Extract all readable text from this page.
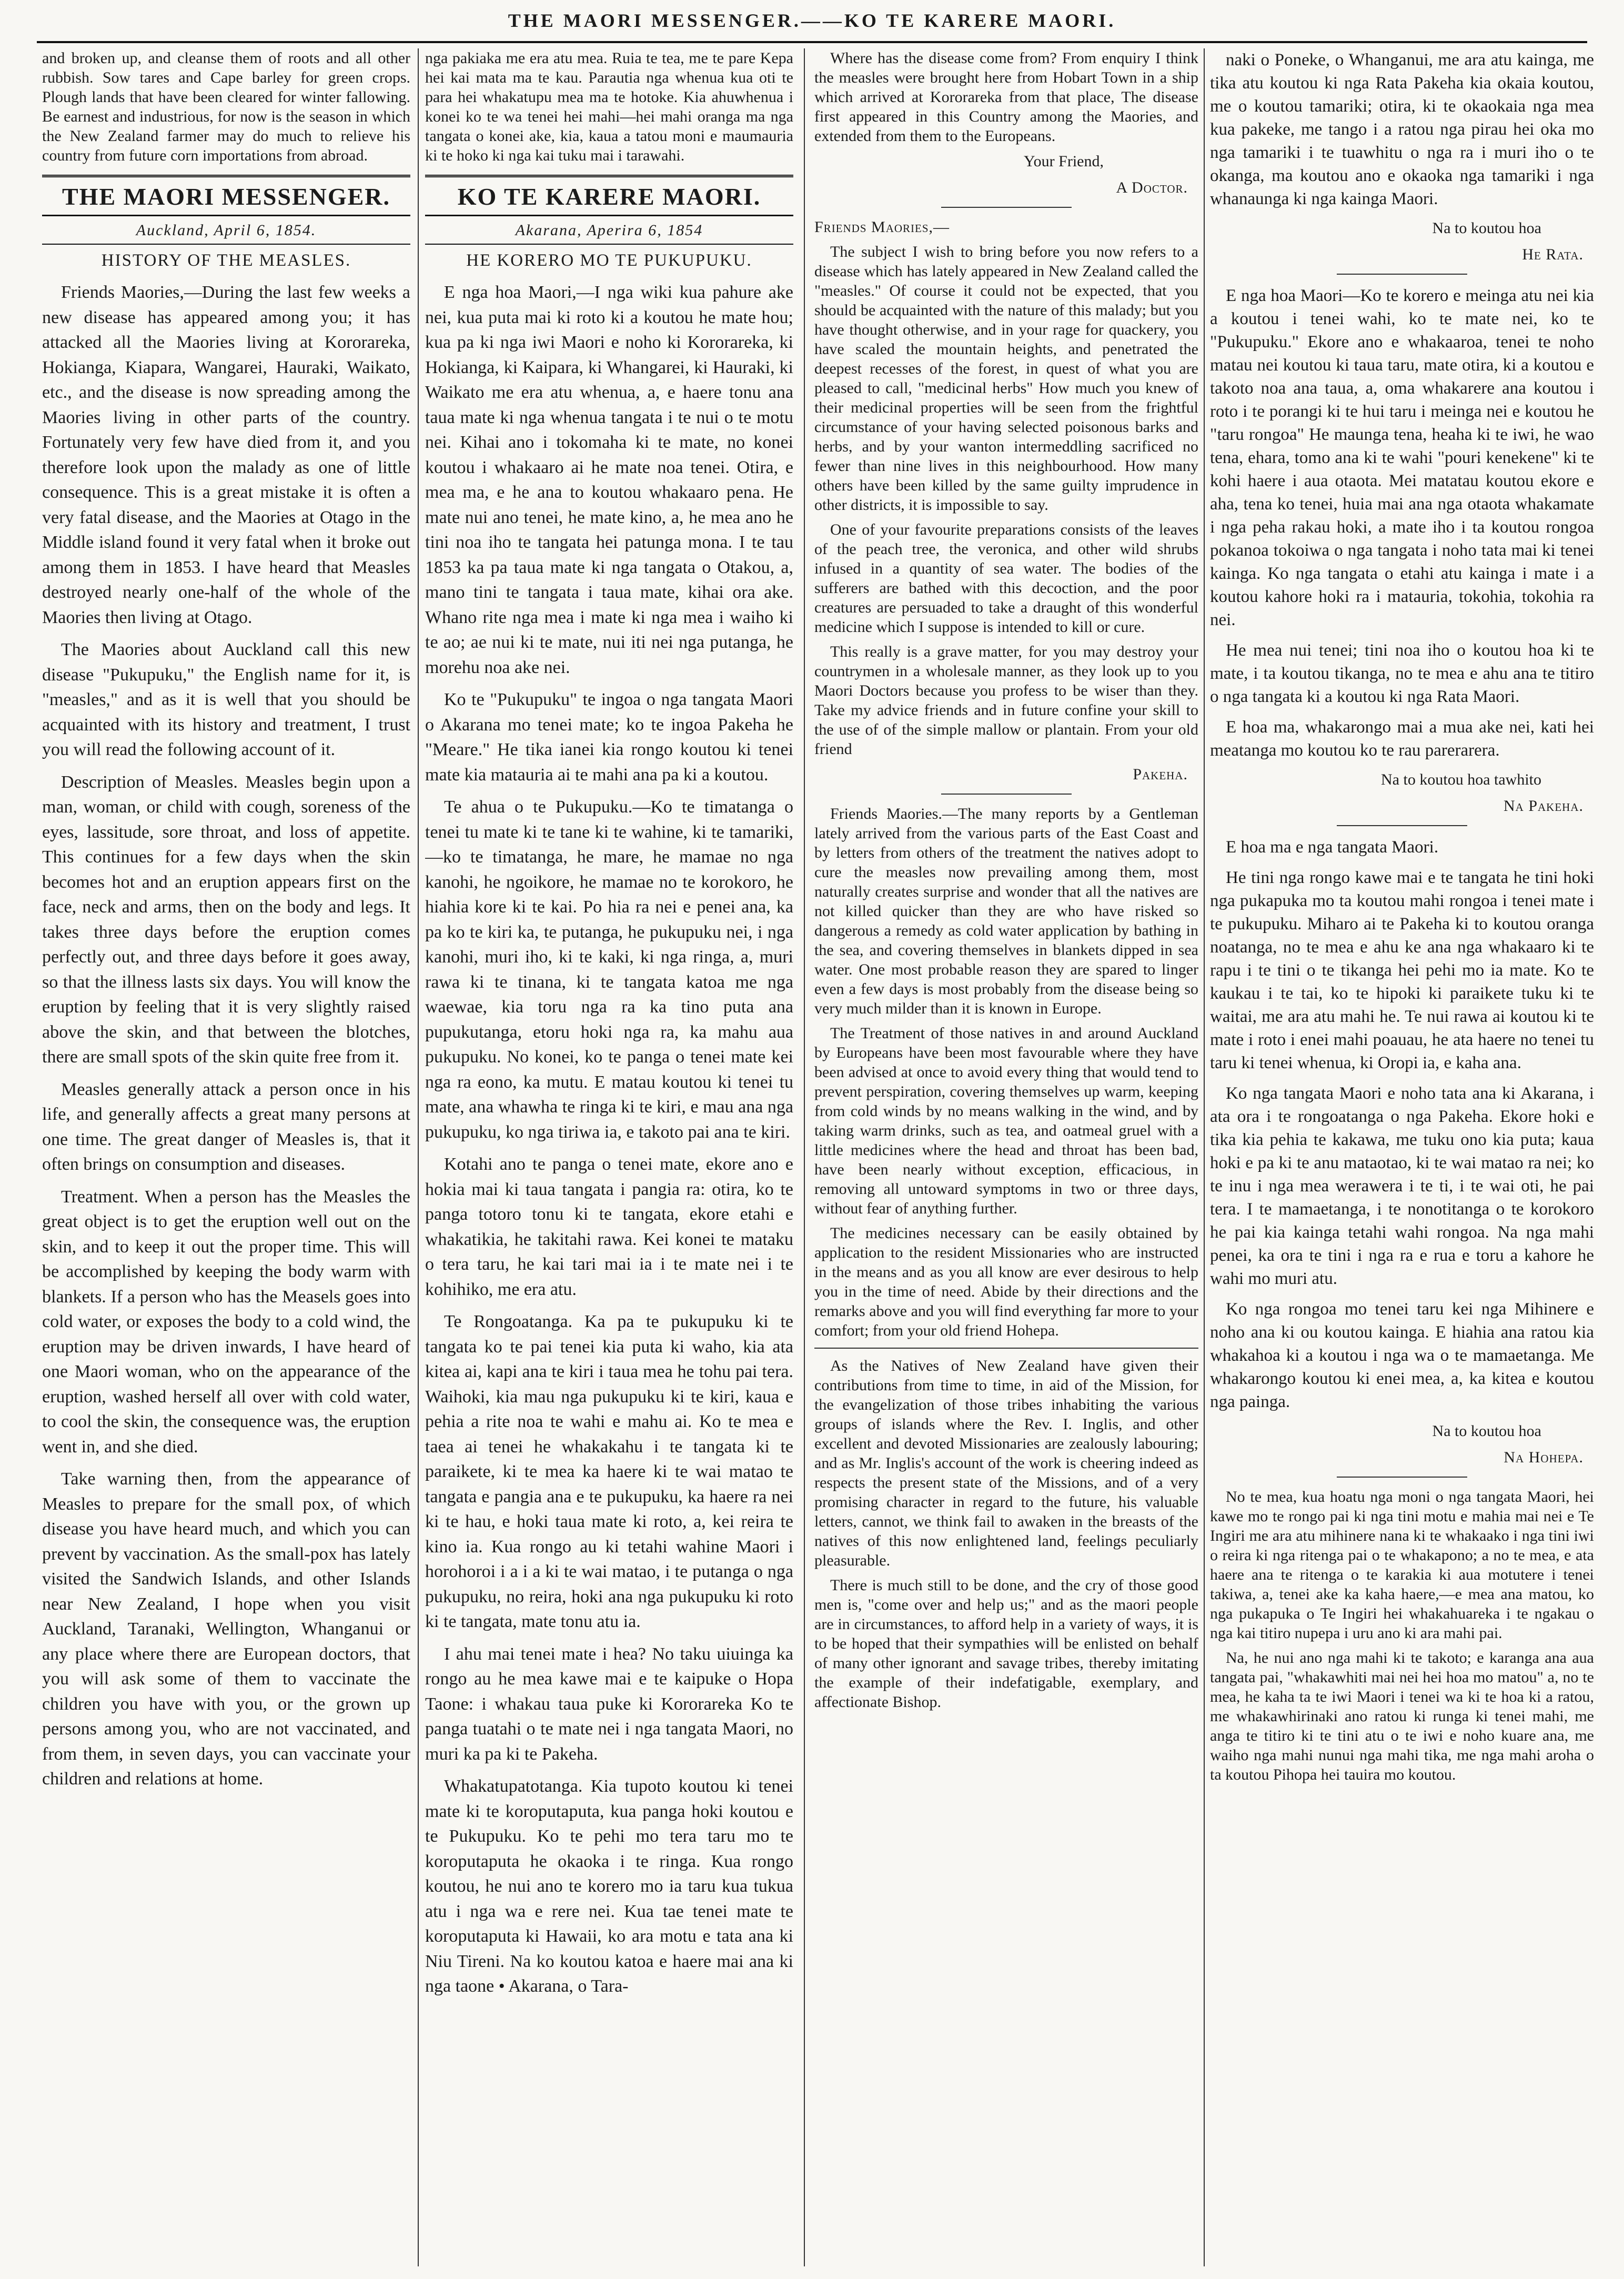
THE MAORI MESSENGER.——KO TE KARERE MAORI.

and broken up, and cleanse them of roots and all other rubbish. Sow tares and Cape barley for green crops. Plough lands that have been cleared for winter fallowing. Be earnest and industrious, for now is the season in which the New Zealand farmer may do much to relieve his country from future corn importations from abroad.

THE MAORI MESSENGER.
Auckland, April 6, 1854.
HISTORY OF THE MEASLES.

Friends Maories,—During the last few weeks a new disease has appeared among you; it has attacked all the Maories living at Kororareka, Hokianga, Kiapara, Wangarei, Hauraki, Waikato, etc., and the disease is now spreading among the Maories living in other parts of the country. Fortunately very few have died from it, and you therefore look upon the malady as one of little consequence. This is a great mistake it is often a very fatal disease, and the Maories at Otago in the Middle island found it very fatal when it broke out among them in 1853. I have heard that Measles destroyed nearly one-half of the whole of the Maories then living at Otago.

The Maories about Auckland call this new disease "Pukupuku," the English name for it, is "measles," and as it is well that you should be acquainted with its history and treatment, I trust you will read the following account of it.

Description of Measles. Measles begin upon a man, woman, or child with cough, soreness of the eyes, lassitude, sore throat, and loss of appetite. This continues for a few days when the skin becomes hot and an eruption appears first on the face, neck and arms, then on the body and legs. It takes three days before the eruption comes perfectly out, and three days before it goes away, so that the illness lasts six days. You will know the eruption by feeling that it is very slightly raised above the skin, and that between the blotches, there are small spots of the skin quite free from it.

Measles generally attack a person once in his life, and generally affects a great many persons at one time. The great danger of Measles is, that it often brings on consumption and diseases.

Treatment. When a person has the Measles the great object is to get the eruption well out on the skin, and to keep it out the proper time. This will be accomplished by keeping the body warm with blankets. If a person who has the Measels goes into cold water, or exposes the body to a cold wind, the eruption may be driven inwards, I have heard of one Maori woman, who on the appearance of the eruption, washed herself all over with cold water, to cool the skin, the consequence was, the eruption went in, and she died.

Take warning then, from the appearance of Measles to prepare for the small pox, of which disease you have heard much, and which you can prevent by vaccination. As the small-pox has lately visited the Sandwich Islands, and other Islands near New Zealand, I hope when you visit Auckland, Taranaki, Wellington, Whanganui or any place where there are European doctors, that you will ask some of them to vaccinate the children you have with you, or the grown up persons among you, who are not vaccinated, and from them, in seven days, you can vaccinate your children and relations at home.

nga pakiaka me era atu mea. Ruia te tea, me te pare Kepa hei kai mata ma te kau. Parautia nga whenua kua oti te para hei whakatupu mea ma te hotoke. Kia ahuwhenua i konei ko te wa tenei hei mahi—hei mahi oranga ma nga tangata o konei ake, kia, kaua a tatou moni e maumauria ki te hoko ki nga kai tuku mai i tarawahi.

KO TE KARERE MAORI.
Akarana, Aperira 6, 1854
HE KORERO MO TE PUKUPUKU.

E nga hoa Maori,—I nga wiki kua pahure ake nei, kua puta mai ki roto ki a koutou he mate hou; kua pa ki nga iwi Maori e noho ki Kororareka, ki Hokianga, ki Kaipara, ki Whangarei, ki Hauraki, ki Waikato me era atu whenua, a, e haere tonu ana taua mate ki nga whenua tangata i te nui o te motu nei. Kihai ano i tokomaha ki te mate, no konei koutou i whakaaro ai he mate noa tenei. Otira, e mea ma, e he ana to koutou whakaaro pena. He mate nui ano tenei, he mate kino, a, he mea ano he tini noa iho te tangata hei patunga mona. I te tau 1853 ka pa taua mate ki nga tangata o Otakou, a, mano tini te tangata i taua mate, kihai ora ake. Whano rite nga mea i mate ki nga mea i waiho ki te ao; ae nui ki te mate, nui iti nei nga putanga, he morehu noa ake nei.

Ko te "Pukupuku" te ingoa o nga tangata Maori o Akarana mo tenei mate; ko te ingoa Pakeha he "Meare." He tika ianei kia rongo koutou ki tenei mate kia matauria ai te mahi ana pa ki a koutou.

Te ahua o te Pukupuku.—Ko te timatanga o tenei tu mate ki te tane ki te wahine, ki te tamariki,—ko te timatanga, he mare, he mamae no nga kanohi, he ngoikore, he mamae no te korokoro, he hiahia kore ki te kai. Po hia ra nei e penei ana, ka pa ko te kiri ka, te putanga, he pukupuku nei, i nga kanohi, muri iho, ki te kaki, ki nga ringa, a, muri rawa ki te tinana, ki te tangata katoa me nga waewae, kia toru nga ra ka tino puta ana pupukutanga, etoru hoki nga ra, ka mahu aua pukupuku. No konei, ko te panga o tenei mate kei nga ra eono, ka mutu. E matau koutou ki tenei tu mate, ana whawha te ringa ki te kiri, e mau ana nga pukupuku, ko nga tiriwa ia, e takoto pai ana te kiri.

Kotahi ano te panga o tenei mate, ekore ano e hokia mai ki taua tangata i pangia ra: otira, ko te panga totoro tonu ki te tangata, ekore etahi e whakatikia, he takitahi rawa. Kei konei te mataku o tera taru, he kai tari mai ia i te mate nei i te kohihiko, me era atu.

Te Rongoatanga. Ka pa te pukupuku ki te tangata ko te pai tenei kia puta ki waho, kia ata kitea ai, kapi ana te kiri i taua mea he tohu pai tera. Waihoki, kia mau nga pukupuku ki te kiri, kaua e pehia a rite noa te wahi e mahu ai. Ko te mea e taea ai tenei he whakakahu i te tangata ki te paraikete, ki te mea ka haere ki te wai matao te tangata e pangia ana e te pukupuku, ka haere ra nei ki te hau, e hoki taua mate ki roto, a, kei reira te kino ia. Kua rongo au ki tetahi wahine Maori i horohoroi i a i a ki te wai matao, i te putanga o nga pukupuku, no reira, hoki ana nga pukupuku ki roto ki te tangata, mate tonu atu ia.

I ahu mai tenei mate i hea? No taku uiuinga ka rongo au he mea kawe mai e te kaipuke o Hopa Taone: i whakau taua puke ki Kororareka Ko te panga tuatahi o te mate nei i nga tangata Maori, no muri ka pa ki te Pakeha.

Whakatupatotanga. Kia tupoto koutou ki tenei mate ki te koroputaputa, kua panga hoki koutou e te Pukupuku. Ko te pehi mo tera taru mo te koroputaputa he okaoka i te ringa. Kua rongo koutou, he nui ano te korero mo ia taru kua tukua atu i nga wa e rere nei. Kua tae tenei mate te koroputaputa ki Hawaii, ko ara motu e tata ana ki Niu Tireni. Na ko koutou katoa e haere mai ana ki nga taone • Akarana, o Tara-

Where has the disease come from? From enquiry I think the measles were brought here from Hobart Town in a ship which arrived at Kororareka from that place, The disease first appeared in this Country among the Maories, and extended from them to the Europeans.

Your Friend,
A Doctor.

Friends Maories,—

The subject I wish to bring before you now refers to a disease which has lately appeared in New Zealand called the "measles." Of course it could not be expected, that you should be acquainted with the nature of this malady; but you have thought otherwise, and in your rage for quackery, you have scaled the mountain heights, and penetrated the deepest recesses of the forest, in quest of what you are pleased to call, "medicinal herbs" How much you knew of their medicinal properties will be seen from the frightful circumstance of your having selected poisonous barks and herbs, and by your wanton intermeddling sacrificed no fewer than nine lives in this neighbourhood. How many others have been killed by the same guilty imprudence in other districts, it is impossible to say.

One of your favourite preparations consists of the leaves of the peach tree, the veronica, and other wild shrubs infused in a quantity of sea water. The bodies of the sufferers are bathed with this decoction, and the poor creatures are persuaded to take a draught of this wonderful medicine which I suppose is intended to kill or cure.

This really is a grave matter, for you may destroy your countrymen in a wholesale manner, as they look up to you Maori Doctors because you profess to be wiser than they. Take my advice friends and in future confine your skill to the use of of the simple mallow or plantain. From your old friend

Pakeha.

Friends Maories.—The many reports by a Gentleman lately arrived from the various parts of the East Coast and by letters from others of the treatment the natives adopt to cure the measles now prevailing among them, most naturally creates surprise and wonder that all the natives are not killed quicker than they are who have risked so dangerous a remedy as cold water application by bathing in the sea, and covering themselves in blankets dipped in sea water. One most probable reason they are spared to linger even a few days is most probably from the disease being so very much milder than it is known in Europe.

The Treatment of those natives in and around Auckland by Europeans have been most favourable where they have been advised at once to avoid every thing that would tend to prevent perspiration, covering themselves up warm, keeping from cold winds by no means walking in the wind, and by taking warm drinks, such as tea, and oatmeal gruel with a little medicines where the head and throat has been bad, have been nearly without exception, efficacious, in removing all untoward symptoms in two or three days, without fear of anything further.

The medicines necessary can be easily obtained by application to the resident Missionaries who are instructed in the means and as you all know are ever desirous to help you in the time of need. Abide by their directions and the remarks above and you will find everything far more to your comfort; from your old friend Hohepa.

As the Natives of New Zealand have given their contributions from time to time, in aid of the Mission, for the evangelization of those tribes inhabiting the various groups of islands where the Rev. I. Inglis, and other excellent and devoted Missionaries are zealously labouring; and as Mr. Inglis's account of the work is cheering indeed as respects the present state of the Missions, and of a very promising character in regard to the future, his valuable letters, cannot, we think fail to awaken in the breasts of the natives of this now enlightened land, feelings peculiarly pleasurable.

There is much still to be done, and the cry of those good men is, "come over and help us;" and as the maori people are in circumstances, to afford help in a variety of ways, it is to be hoped that their sympathies will be enlisted on behalf of many other ignorant and savage tribes, thereby imitating the example of their indefatigable, exemplary, and affectionate Bishop.

naki o Poneke, o Whanganui, me ara atu kainga, me tika atu koutou ki nga Rata Pakeha kia okaia koutou, me o koutou tamariki; otira, ki te okaokaia nga mea kua pakeke, me tango i a ratou nga pirau hei oka mo nga tamariki i te tuawhitu o nga ra i muri iho o te okanga, ma koutou ano e okaoka nga tamariki i nga whanaunga ki nga kainga Maori.

Na to koutou hoa
He Rata.

E nga hoa Maori—Ko te korero e meinga atu nei kia a koutou i tenei wahi, ko te mate nei, ko te "Pukupuku." Ekore ano e whakaaroa, tenei te noho matau nei koutou ki taua taru, mate otira, ki a koutou e takoto noa ana taua, a, oma whakarere ana koutou i roto i te porangi ki te hui taru i meinga nei e koutou he "taru rongoa" He maunga tena, heaha ki te iwi, he wao tena, ehara, tomo ana ki te wahi "pouri kenekene" ki te kohi haere i aua otaota. Mei matatau koutou ekore e aha, tena ko tenei, huia mai ana nga otaota whakamate i nga peha rakau hoki, a mate iho i ta koutou rongoa pokanoa tokoiwa o nga tangata i noho tata mai ki tenei kainga. Ko nga tangata o etahi atu kainga i mate i a koutou kahore hoki ra i matauria, tokohia, tokohia ra nei.

He mea nui tenei; tini noa iho o koutou hoa ki te mate, i ta koutou tikanga, no te mea e ahu ana te titiro o nga tangata ki a koutou ki nga Rata Maori.

E hoa ma, whakarongo mai a mua ake nei, kati hei meatanga mo koutou ko te rau parerarera.

Na to koutou hoa tawhito
Na Pakeha.

E hoa ma e nga tangata Maori.

He tini nga rongo kawe mai e te tangata he tini hoki nga pukapuka mo ta koutou mahi rongoa i tenei mate i te pukupuku. Miharo ai te Pakeha ki to koutou oranga noatanga, no te mea e ahu ke ana nga whakaaro ki te rapu i te tini o te tikanga hei pehi mo ia mate. Ko te kaukau i te tai, ko te hipoki ki paraikete tuku ki te waitai, me ara atu mahi he. Te nui rawa ai koutou ki te mate i roto i enei mahi poauau, he ata haere no tenei tu taru ki tenei whenua, ki Oropi ia, e kaha ana.

Ko nga tangata Maori e noho tata ana ki Akarana, i ata ora i te rongoatanga o nga Pakeha. Ekore hoki e tika kia pehia te kakawa, me tuku ono kia puta; kaua hoki e pa ki te anu mataotao, ki te wai matao ra nei; ko te inu i nga mea werawera i te ti, i te wai oti, he pai tera. I te mamaetanga, i te nonotitanga o te korokoro he pai kia kainga tetahi wahi rongoa. Na nga mahi penei, ka ora te tini i nga ra e rua e toru a kahore he wahi mo muri atu.

Ko nga rongoa mo tenei taru kei nga Mihinere e noho ana ki ou koutou kainga. E hiahia ana ratou kia whakahoa ki a koutou i nga wa o te mamaetanga. Me whakarongo koutou ki enei mea, a, ka kitea e koutou nga painga.

Na to koutou hoa
Na Hohepa.

No te mea, kua hoatu nga moni o nga tangata Maori, hei kawe mo te rongo pai ki nga tini motu e mahia mai nei e Te Ingiri me ara atu mihinere nana ki te whakaako i nga tini iwi o reira ki nga ritenga pai o te whakapono; a no te mea, e ata haere ana te ritenga o te karakia ki aua motutere i tenei takiwa, a, tenei ake ka kaha haere,—e mea ana matou, ko nga pukapuka o Te Ingiri hei whakahuareka i te ngakau o nga kai titiro nupepa i uru ano ki ara mahi pai.

Na, he nui ano nga mahi ki te takoto; e karanga ana aua tangata pai, "whakawhiti mai nei hei hoa mo matou" a, no te mea, he kaha ta te iwi Maori i tenei wa ki te hoa ki a ratou, me whakawhirinaki ano ratou ki runga ki tenei mahi, me anga te titiro ki te tini atu o te iwi e noho kuare ana, me waiho nga mahi nunui nga mahi tika, me nga mahi aroha o ta koutou Pihopa hei tauira mo koutou.
